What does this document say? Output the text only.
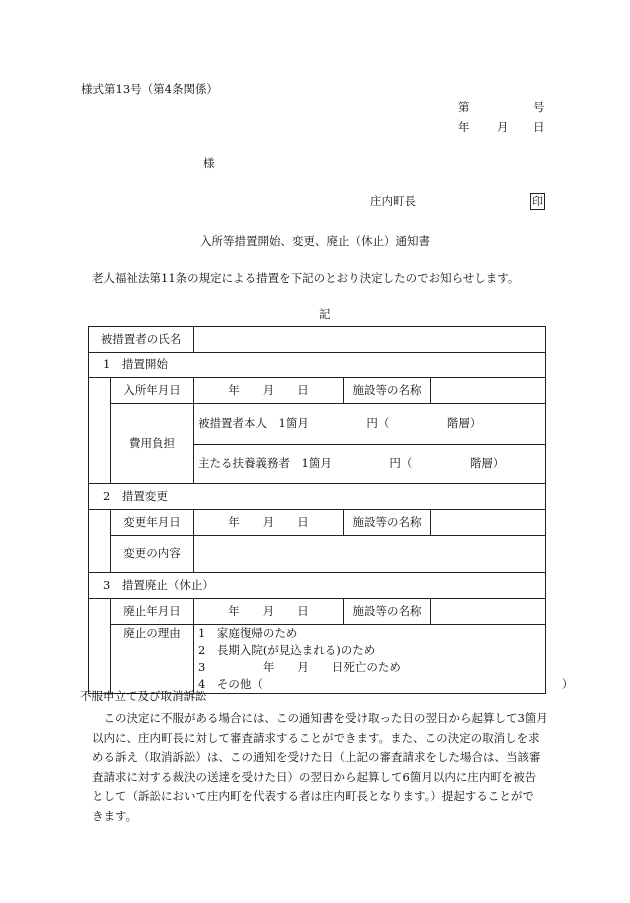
様式第13号（第4条関係）
第	号
年 月 日
様
庄内町長	印
入所等措置開始、変更、廃止（休止）通知書
老人福祉法第11条の規定による措置を下記のとおり決定したのでお知らせします。
記
被措置者の氏名				
1　措置開始				
	入所年月日	年　　月　　日	施設等の名称	
	費用負担	被措置者本人　1箇月　　　　　円（　　　　　階層）		
		主たる扶養義務者　1箇月　　　　　円（　　　　　階層）		
2　措置変更				
	変更年月日	年　　月　　日	施設等の名称	
	変更の内容			
3　措置廃止（休止）				
	廃止年月日	年　　月　　日	施設等の名称	
	廃止の理由	1　家庭復帰のため
2　長期入院(が見込まれる)のため
3　　　　　年　　月　　日死亡のため
4　その他（　　　　　　　　　　　　　　　　　　　　　　　　　　）		
不服申立て及び取消訴訟

　この決定に不服がある場合には、この通知書を受け取った日の翌日から起算して3箇月

以内に、庄内町長に対して審査請求することができます。また、この決定の取消しを求

める訴え（取消訴訟）は、この通知を受けた日（上記の審査請求をした場合は、当該審

査請求に対する裁決の送達を受けた日）の翌日から起算して6箇月以内に庄内町を被告

として（訴訟において庄内町を代表する者は庄内町長となります。）提起することがで

きます。
